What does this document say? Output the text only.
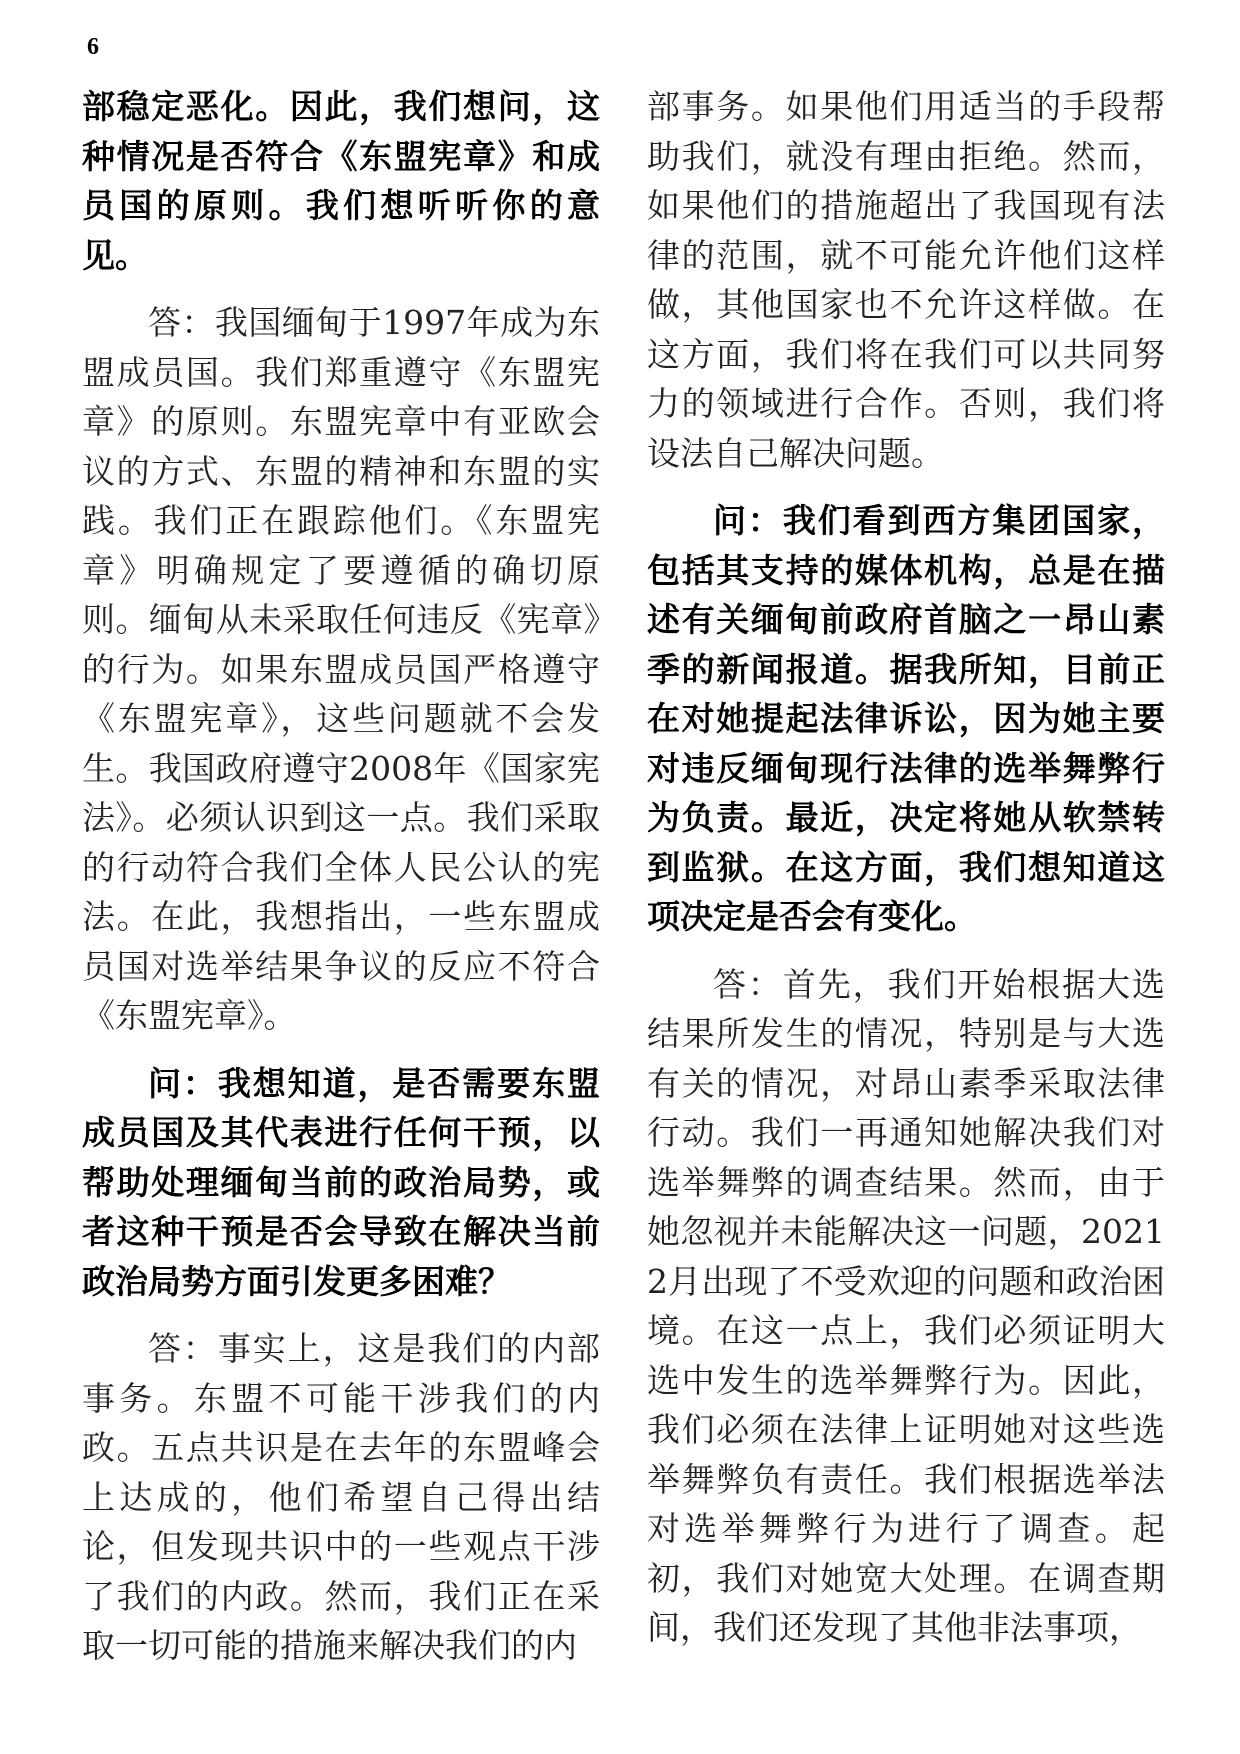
6

部稳定恶化。因此，我们想问，这种情况是否符合《东盟宪章》和成员国的原则。我们想听听你的意见。

答：我国缅甸于1997年成为东盟成员国。我们郑重遵守《东盟宪章》的原则。东盟宪章中有亚欧会议的方式、东盟的精神和东盟的实践。我们正在跟踪他们。《东盟宪章》明确规定了要遵循的确切原则。缅甸从未采取任何违反《宪章》的行为。如果东盟成员国严格遵守《东盟宪章》，这些问题就不会发生。我国政府遵守2008年《国家宪法》。必须认识到这一点。我们采取的行动符合我们全体人民公认的宪法。在此，我想指出，一些东盟成员国对选举结果争议的反应不符合《东盟宪章》。

问：我想知道，是否需要东盟成员国及其代表进行任何干预，以帮助处理缅甸当前的政治局势，或者这种干预是否会导致在解决当前政治局势方面引发更多困难？

答：事实上，这是我们的内部事务。东盟不可能干涉我们的内政。五点共识是在去年的东盟峰会上达成的，他们希望自己得出结论，但发现共识中的一些观点干涉了我们的内政。然而，我们正在采取一切可能的措施来解决我们的内

部事务。如果他们用适当的手段帮助我们，就没有理由拒绝。然而，如果他们的措施超出了我国现有法律的范围，就不可能允许他们这样做，其他国家也不允许这样做。在这方面，我们将在我们可以共同努力的领域进行合作。否则，我们将设法自己解决问题。

问：我们看到西方集团国家，包括其支持的媒体机构，总是在描述有关缅甸前政府首脑之一昂山素季的新闻报道。据我所知，目前正在对她提起法律诉讼，因为她主要对违反缅甸现行法律的选举舞弊行为负责。最近，决定将她从软禁转到监狱。在这方面，我们想知道这项决定是否会有变化。

答：首先，我们开始根据大选结果所发生的情况，特别是与大选有关的情况，对昂山素季采取法律行动。我们一再通知她解决我们对选举舞弊的调查结果。然而，由于她忽视并未能解决这一问题，2021 2月出现了不受欢迎的问题和政治困境。在这一点上，我们必须证明大选中发生的选举舞弊行为。因此，我们必须在法律上证明她对这些选举舞弊负有责任。我们根据选举法对选举舞弊行为进行了调查。起初，我们对她宽大处理。在调查期间，我们还发现了其他非法事项，
